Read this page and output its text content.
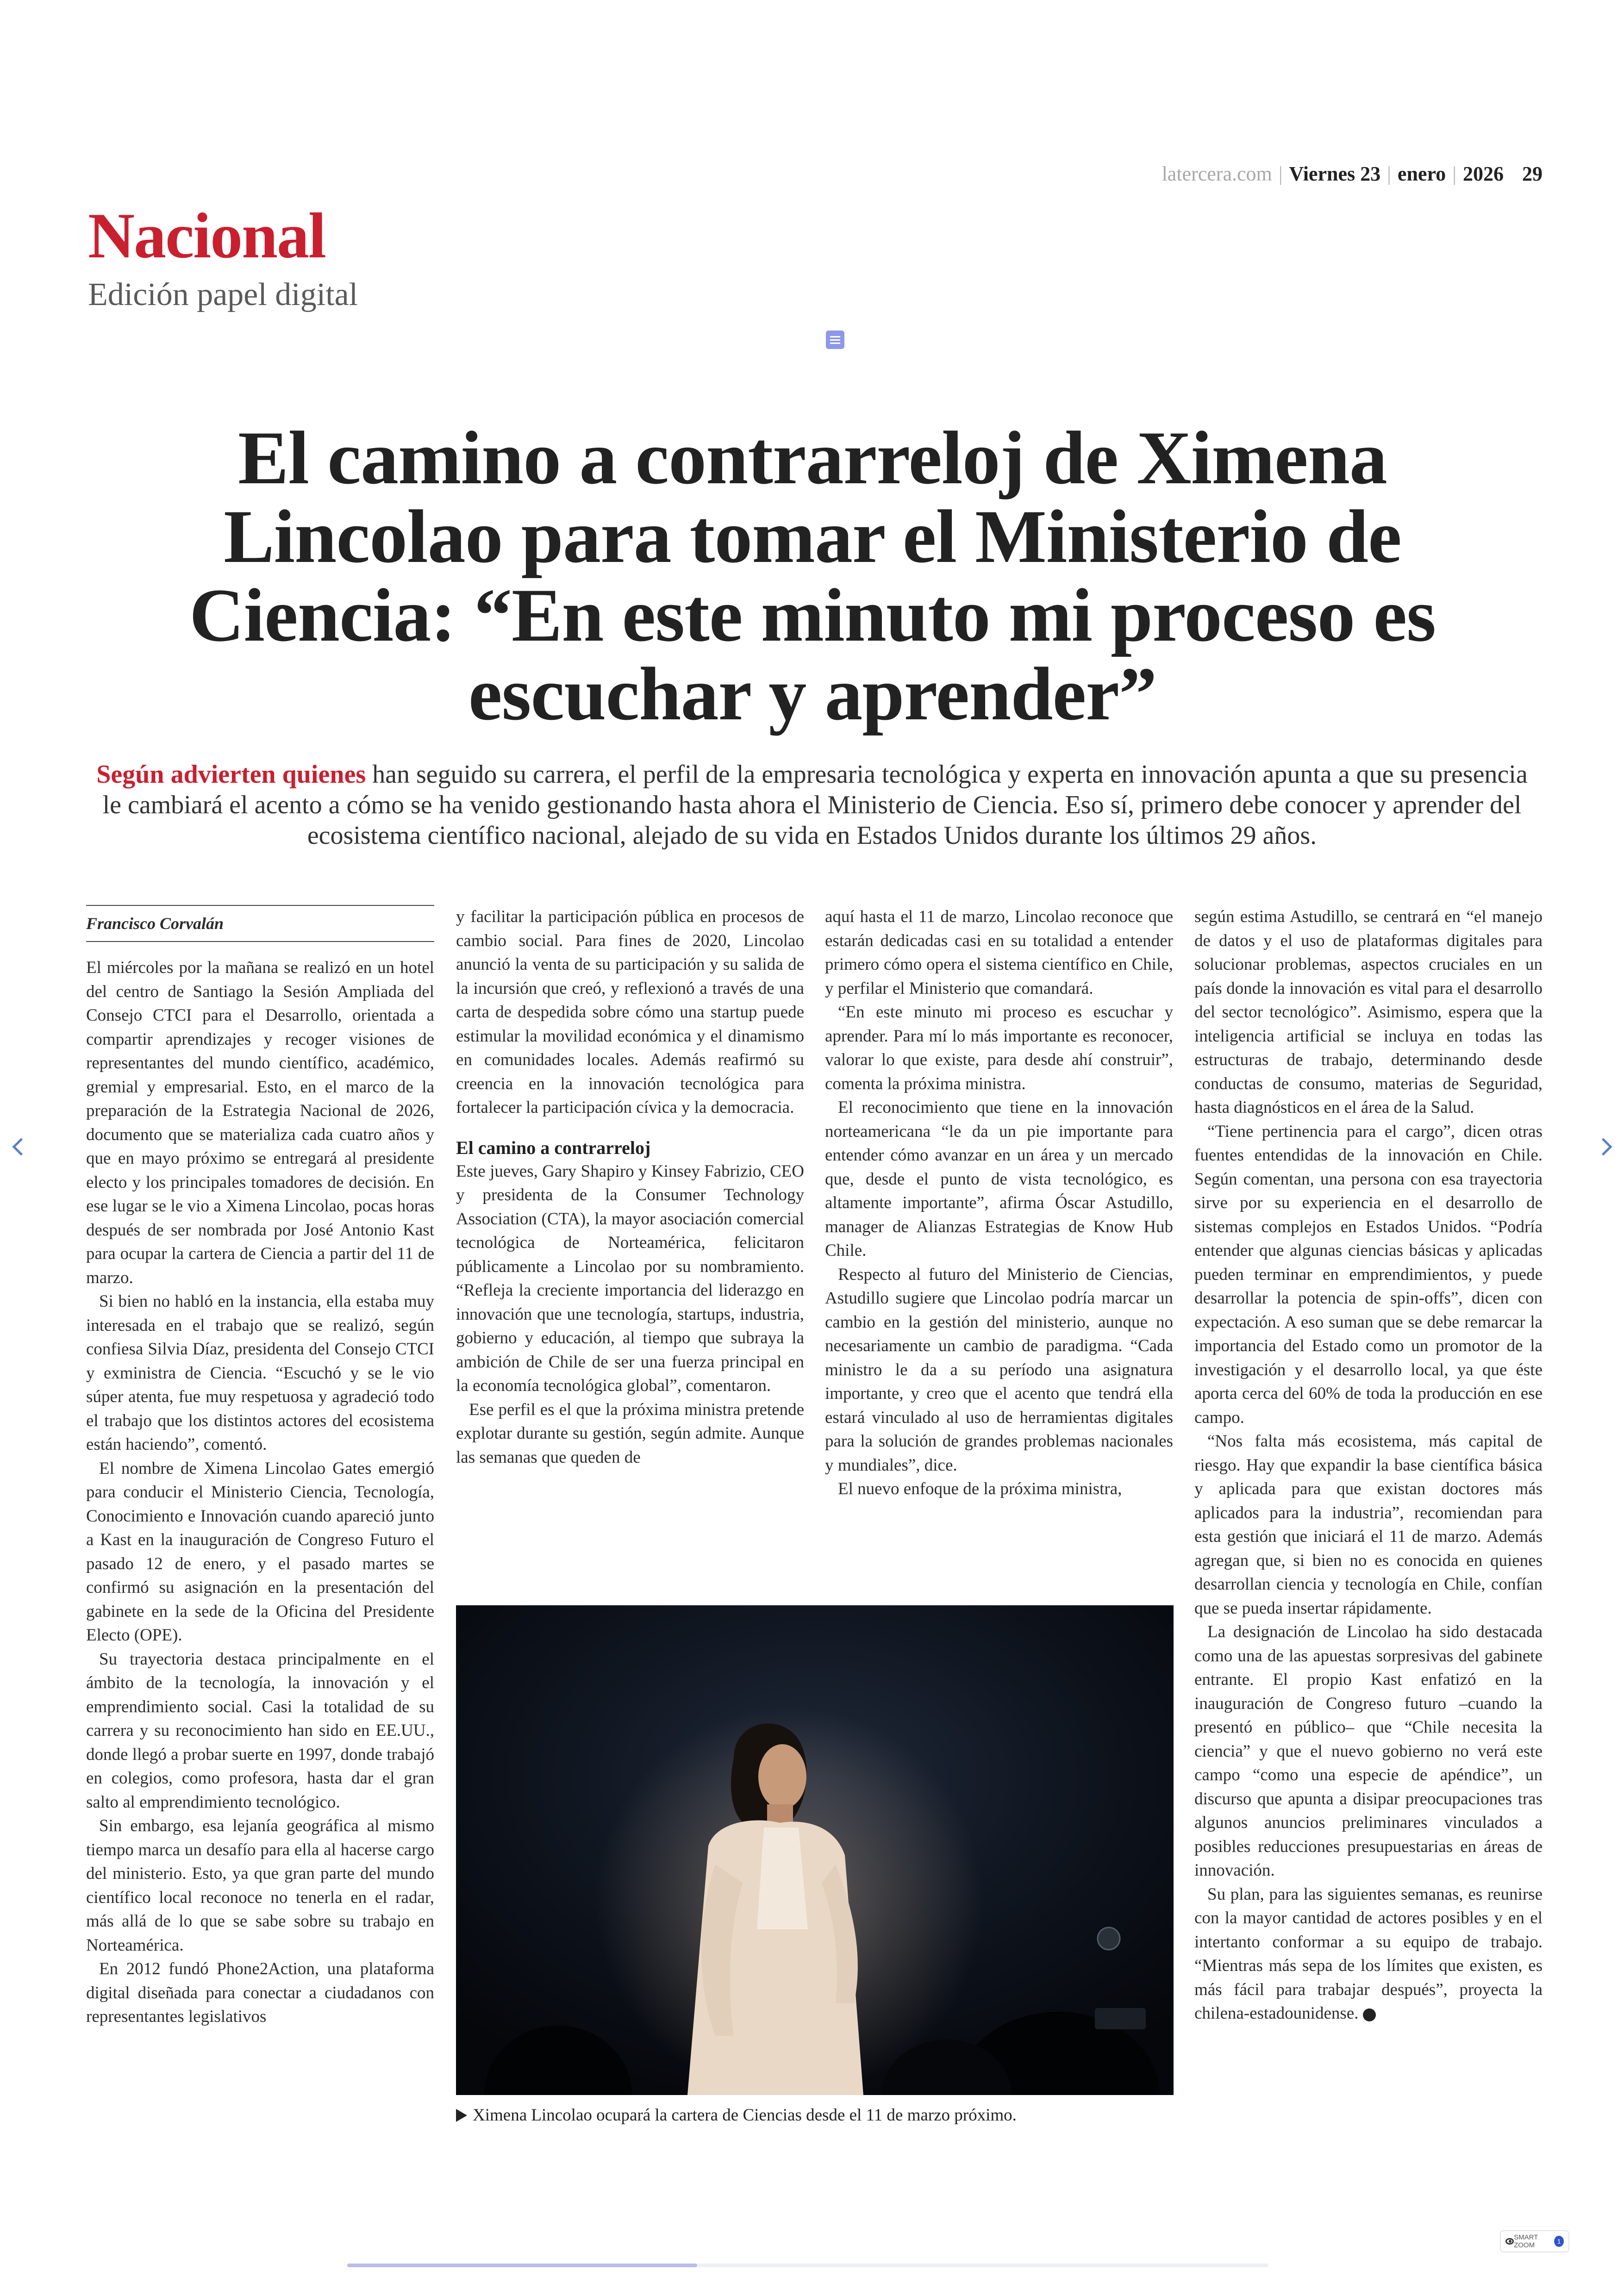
latercera.com | Viernes 23 | enero | 2026 29
Nacional
Edición papel digital
El camino a contrarreloj de Ximena Lincolao para tomar el Ministerio de Ciencia: “En este minuto mi proceso es escuchar y aprender”

Según advierten quienes han seguido su carrera, el perfil de la empresaria tecnológica y experta en innovación apunta a que su presencia le cambiará el acento a cómo se ha venido gestionando hasta ahora el Ministerio de Ciencia. Eso sí, primero debe conocer y aprender del ecosistema científico nacional, alejado de su vida en Estados Unidos durante los últimos 29 años.

Francisco Corvalán

El miércoles por la mañana se realizó en un hotel del centro de Santiago la Sesión Ampliada del Consejo CTCI para el Desarrollo, orientada a compartir aprendizajes y recoger visiones de representantes del mundo científico, académico, gremial y empresarial. Esto, en el marco de la preparación de la Estrategia Nacional de 2026, documento que se materializa cada cuatro años y que en mayo próximo se entregará al presidente electo y los principales tomadores de decisión. En ese lugar se le vio a Ximena Lincolao, pocas horas después de ser nombrada por José Antonio Kast para ocupar la cartera de Ciencia a partir del 11 de marzo.

Si bien no habló en la instancia, ella estaba muy interesada en el trabajo que se realizó, según confiesa Silvia Díaz, presidenta del Consejo CTCI y exministra de Ciencia. “Escuchó y se le vio súper atenta, fue muy respetuosa y agradeció todo el trabajo que los distintos actores del ecosistema están haciendo”, comentó.

El nombre de Ximena Lincolao Gates emergió para conducir el Ministerio Ciencia, Tecnología, Conocimiento e Innovación cuando apareció junto a Kast en la inauguración de Congreso Futuro el pasado 12 de enero, y el pasado martes se confirmó su asignación en la presentación del gabinete en la sede de la Oficina del Presidente Electo (OPE).

Su trayectoria destaca principalmente en el ámbito de la tecnología, la innovación y el emprendimiento social. Casi la totalidad de su carrera y su reconocimiento han sido en EE.UU., donde llegó a probar suerte en 1997, donde trabajó en colegios, como profesora, hasta dar el gran salto al emprendimiento tecnológico.

Sin embargo, esa lejanía geográfica al mismo tiempo marca un desafío para ella al hacerse cargo del ministerio. Esto, ya que gran parte del mundo científico local reconoce no tenerla en el radar, más allá de lo que se sabe sobre su trabajo en Norteamérica.

En 2012 fundó Phone2Action, una plataforma digital diseñada para conectar a ciudadanos con representantes legislativos

y facilitar la participación pública en procesos de cambio social. Para fines de 2020, Lincolao anunció la venta de su participación y su salida de la incursión que creó, y reflexionó a través de una carta de despedida sobre cómo una startup puede estimular la movilidad económica y el dinamismo en comunidades locales. Además reafirmó su creencia en la innovación tecnológica para fortalecer la participación cívica y la democracia.

El camino a contrarreloj

Este jueves, Gary Shapiro y Kinsey Fabrizio, CEO y presidenta de la Consumer Technology Association (CTA), la mayor asociación comercial tecnológica de Norteamérica, felicitaron públicamente a Lincolao por su nombramiento. “Refleja la creciente importancia del liderazgo en innovación que une tecnología, startups, industria, gobierno y educación, al tiempo que subraya la ambición de Chile de ser una fuerza principal en la economía tecnológica global”, comentaron.

Ese perfil es el que la próxima ministra pretende explotar durante su gestión, según admite. Aunque las semanas que queden de

aquí hasta el 11 de marzo, Lincolao reconoce que estarán dedicadas casi en su totalidad a entender primero cómo opera el sistema científico en Chile, y perfilar el Ministerio que comandará.

“En este minuto mi proceso es escuchar y aprender. Para mí lo más importante es reconocer, valorar lo que existe, para desde ahí construir”, comenta la próxima ministra.

El reconocimiento que tiene en la innovación norteamericana “le da un pie importante para entender cómo avanzar en un área y un mercado que, desde el punto de vista tecnológico, es altamente importante”, afirma Óscar Astudillo, manager de Alianzas Estrategias de Know Hub Chile.

Respecto al futuro del Ministerio de Ciencias, Astudillo sugiere que Lincolao podría marcar un cambio en la gestión del ministerio, aunque no necesariamente un cambio de paradigma. “Cada ministro le da a su período una asignatura importante, y creo que el acento que tendrá ella estará vinculado al uso de herramientas digitales para la solución de grandes problemas nacionales y mundiales”, dice.

El nuevo enfoque de la próxima ministra,

según estima Astudillo, se centrará en “el manejo de datos y el uso de plataformas digitales para solucionar problemas, aspectos cruciales en un país donde la innovación es vital para el desarrollo del sector tecnológico”. Asimismo, espera que la inteligencia artificial se incluya en todas las estructuras de trabajo, determinando desde conductas de consumo, materias de Seguridad, hasta diagnósticos en el área de la Salud.

“Tiene pertinencia para el cargo”, dicen otras fuentes entendidas de la innovación en Chile. Según comentan, una persona con esa trayectoria sirve por su experiencia en el desarrollo de sistemas complejos en Estados Unidos. “Podría entender que algunas ciencias básicas y aplicadas pueden terminar en emprendimientos, y puede desarrollar la potencia de spin-offs”, dicen con expectación. A eso suman que se debe remarcar la importancia del Estado como un promotor de la investigación y el desarrollo local, ya que éste aporta cerca del 60% de toda la producción en ese campo.

“Nos falta más ecosistema, más capital de riesgo. Hay que expandir la base científica básica y aplicada para que existan doctores más aplicados para la industria”, recomiendan para esta gestión que iniciará el 11 de marzo. Además agregan que, si bien no es conocida en quienes desarrollan ciencia y tecnología en Chile, confían que se pueda insertar rápidamente.

La designación de Lincolao ha sido destacada como una de las apuestas sorpresivas del gabinete entrante. El propio Kast enfatizó en la inauguración de Congreso futuro –cuando la presentó en público– que “Chile necesita la ciencia” y que el nuevo gobierno no verá este campo “como una especie de apéndice”, un discurso que apunta a disipar preocupaciones tras algunos anuncios preliminares vinculados a posibles reducciones presupuestarias en áreas de innovación.

Su plan, para las siguientes semanas, es reunirse con la mayor cantidad de actores posibles y en el intertanto conformar a su equipo de trabajo. “Mientras más sepa de los límites que existen, es más fácil para trabajar después”, proyecta la chilena-estadounidense.

Ximena Lincolao ocupará la cartera de Ciencias desde el 11 de marzo próximo.
SMART ZOOM	1
